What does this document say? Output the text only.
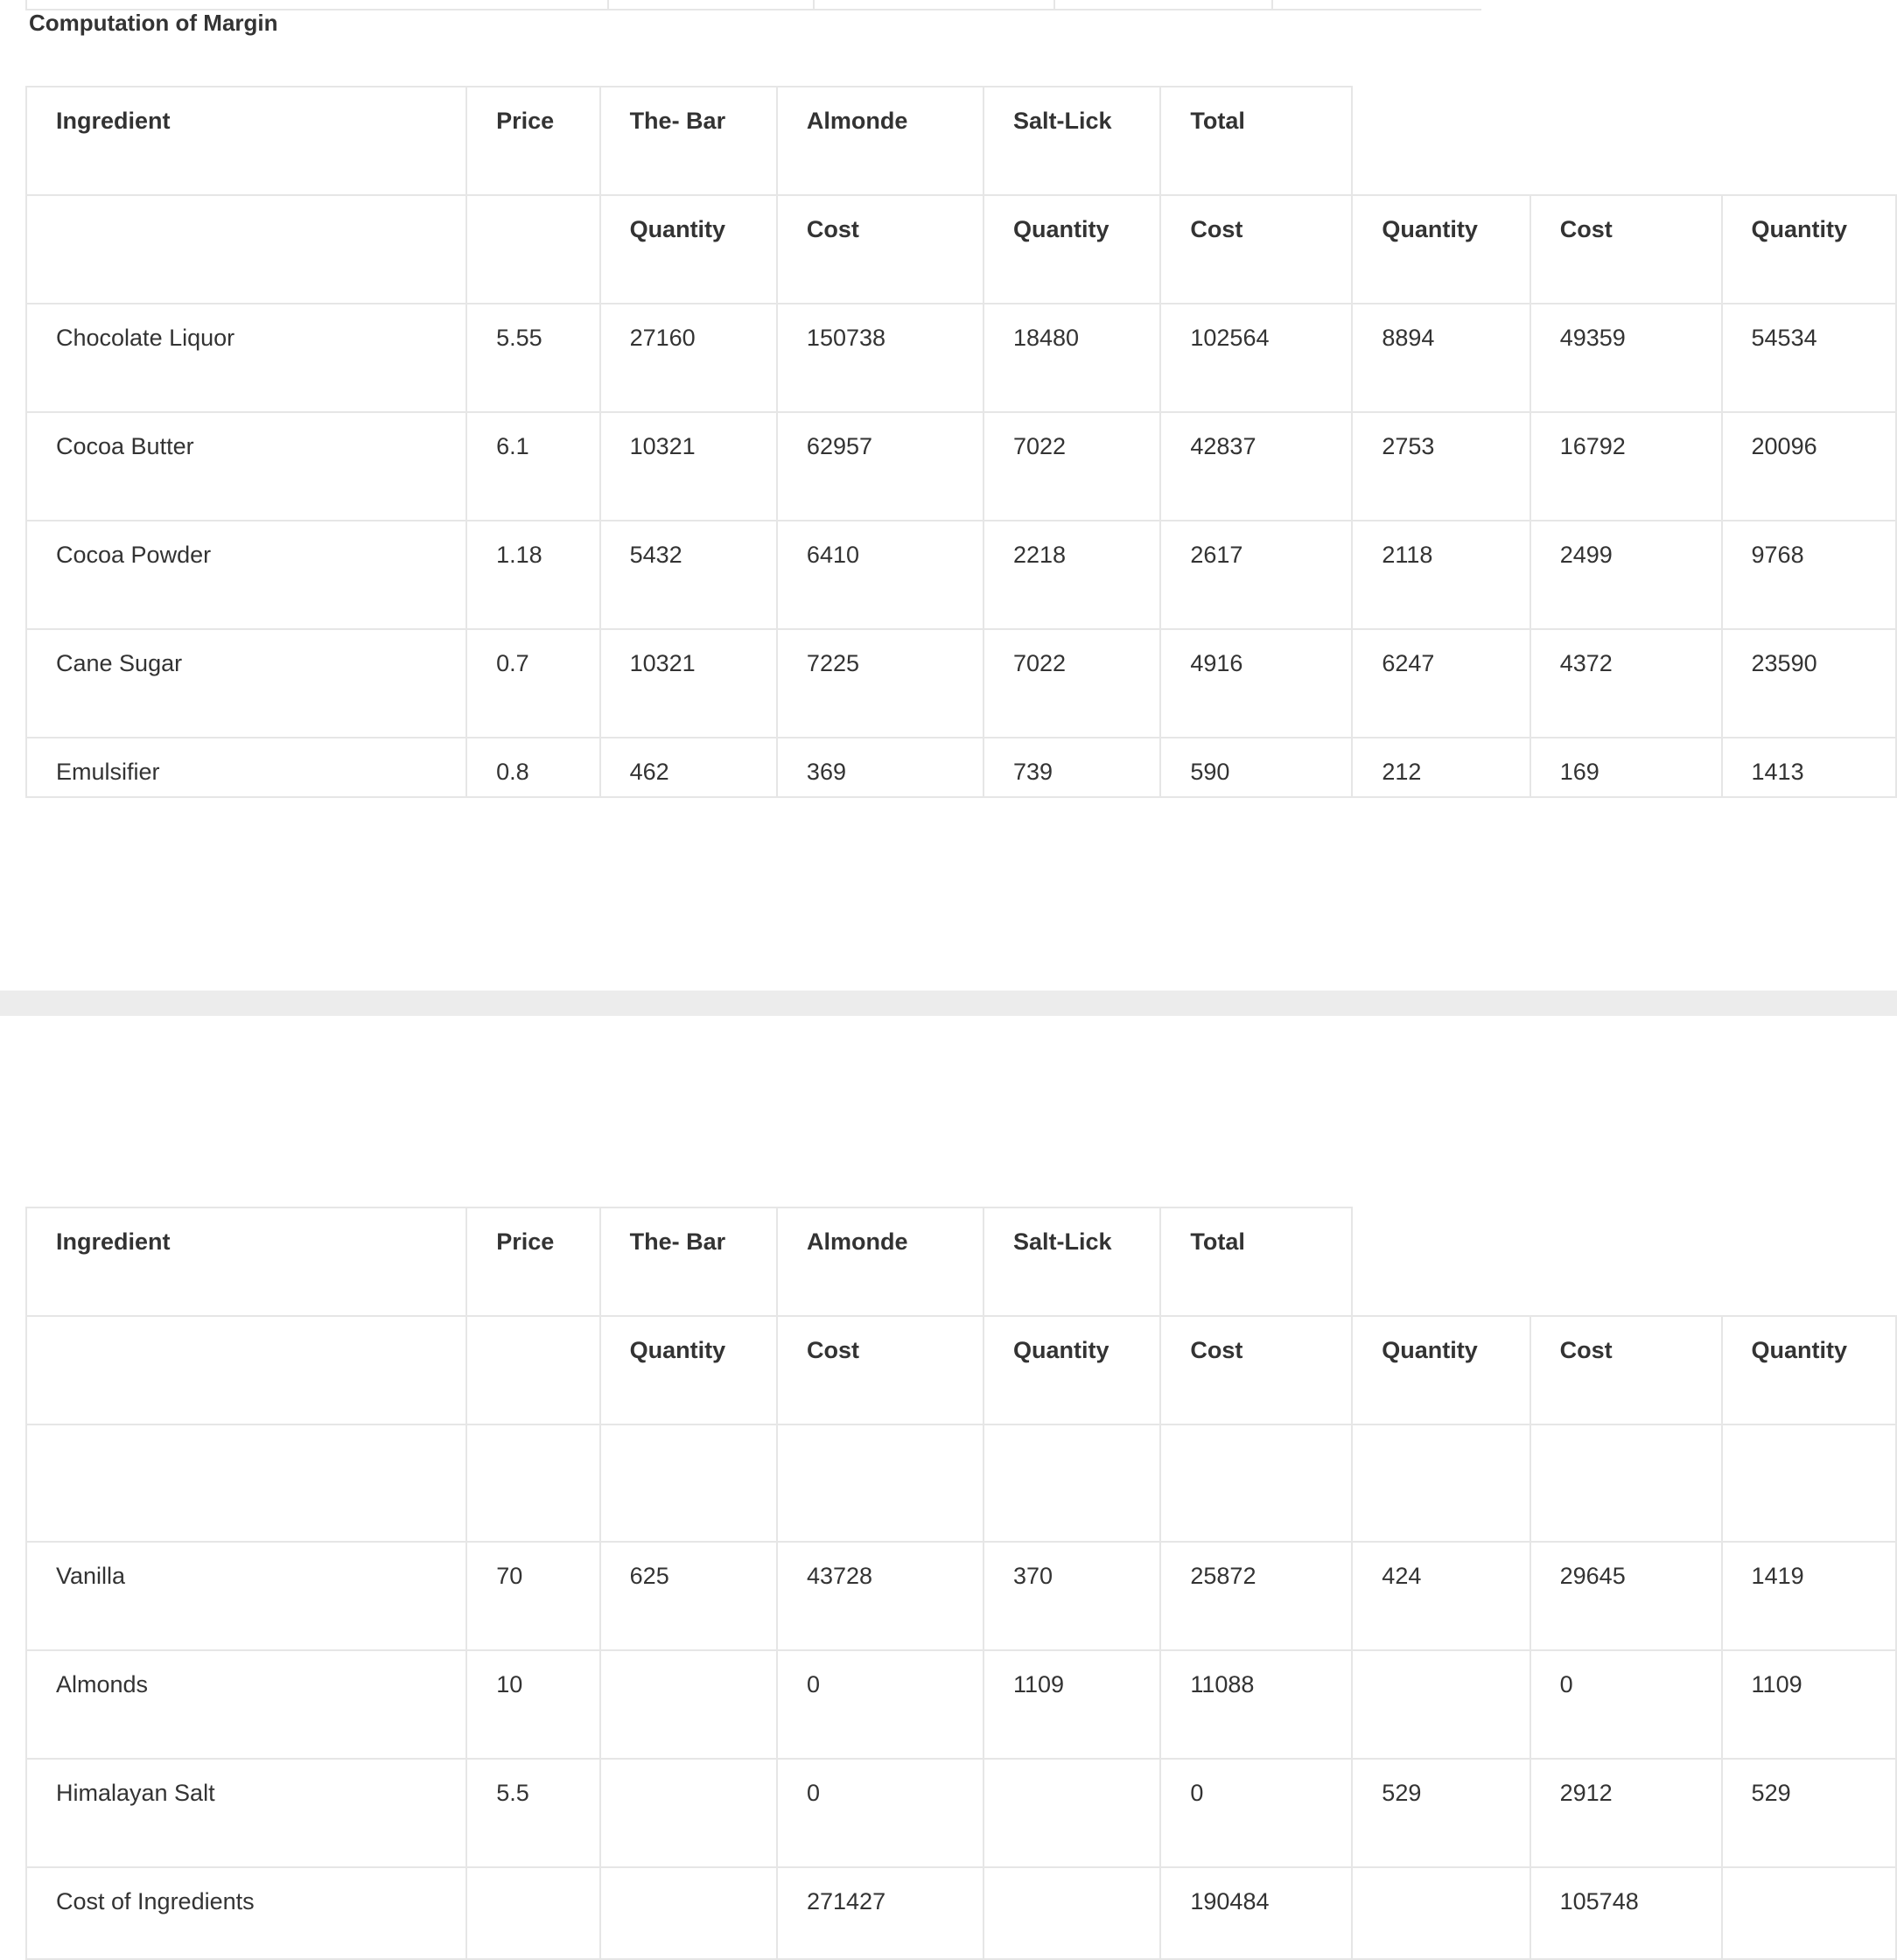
Computation of Margin
Ingredient	Price	The- Bar	Almonde	Salt-Lick	Total			

		Quantity	Cost	Quantity	Cost	Quantity	Cost	Quantity

Chocolate Liquor	5.55	27160	150738	18480	102564	8894	49359	54534

Cocoa Butter	6.1	10321	62957	7022	42837	2753	16792	20096

Cocoa Powder	1.18	5432	6410	2218	2617	2118	2499	9768

Cane Sugar	0.7	10321	7225	7022	4916	6247	4372	23590

Emulsifier	0.8	462	369	739	590	212	169	1413
Ingredient	Price	The- Bar	Almonde	Salt-Lick	Total			

		Quantity	Cost	Quantity	Cost	Quantity	Cost	Quantity

Vanilla	70	625	43728	370	25872	424	29645	1419

Almonds	10		0	1109	11088		0	1109

Himalayan Salt	5.5		0		0	529	2912	529

Cost of Ingredients			271427		190484		105748	
